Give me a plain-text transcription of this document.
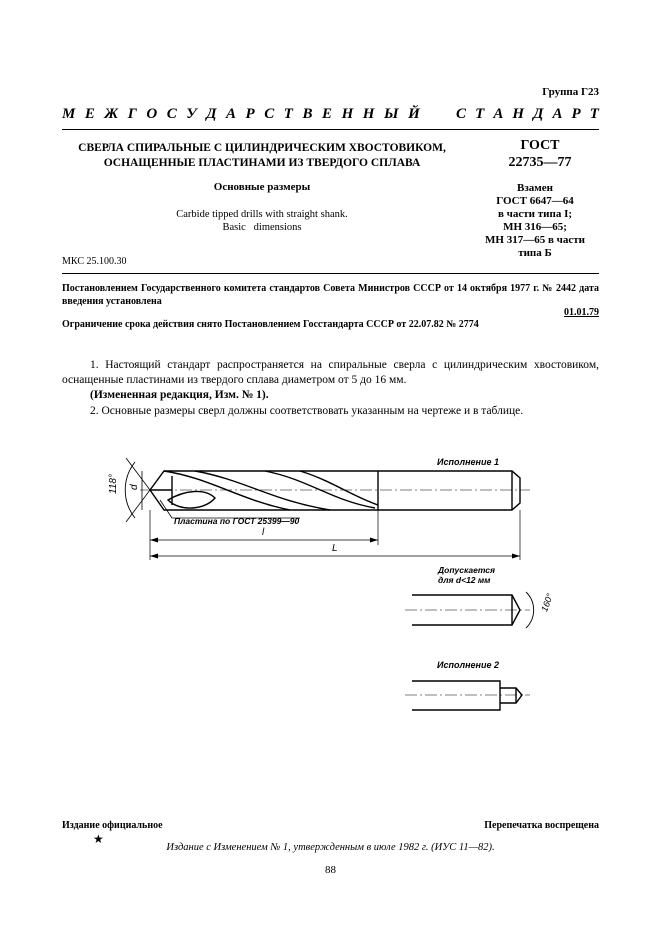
Группа Г23
М Е Ж Г О С У Д А Р С Т В Е Н Н Ы Й С Т А Н Д А Р Т
СВЕРЛА СПИРАЛЬНЫЕ С ЦИЛИНДРИЧЕСКИМ ХВОСТОВИКОМ,
ОСНАЩЕННЫЕ ПЛАСТИНАМИ ИЗ ТВЕРДОГО СПЛАВА
ГОСТ
22735—77
Основные размеры
Carbide tipped drills with straight shank.
Basic   dimensions
Взамен
ГОСТ 6647—64
в части типа I;
МН 316—65;
МН 317—65 в части
типа Б
МКС 25.100.30
Постановлением Государственного комитета стандартов Совета Министров СССР от 14 октября 1977 г. № 2442 дата введения установлена
01.01.79
Ограничение срока действия снято Постановлением Госстандарта СССР от 22.07.82 № 2774
1. Настоящий стандарт распространяется на спиральные сверла с цилиндрическим хвостовиком, оснащенные пластинами из твердого сплава диаметром от 5 до 16 мм.
(Измененная редакция, Изм. № 1).
2. Основные размеры сверл должны соответствовать указанным на чертеже и в таблице.
118° d
Исполнение 1
Пластина по ГОСТ 25399—90
l
L
Допускается
для d<12 мм
160°
Исполнение 2
Издание официальное	Перепечатка воспрещена
★
Издание с Изменением № 1, утвержденным в июле 1982 г. (ИУС 11—82).
88
